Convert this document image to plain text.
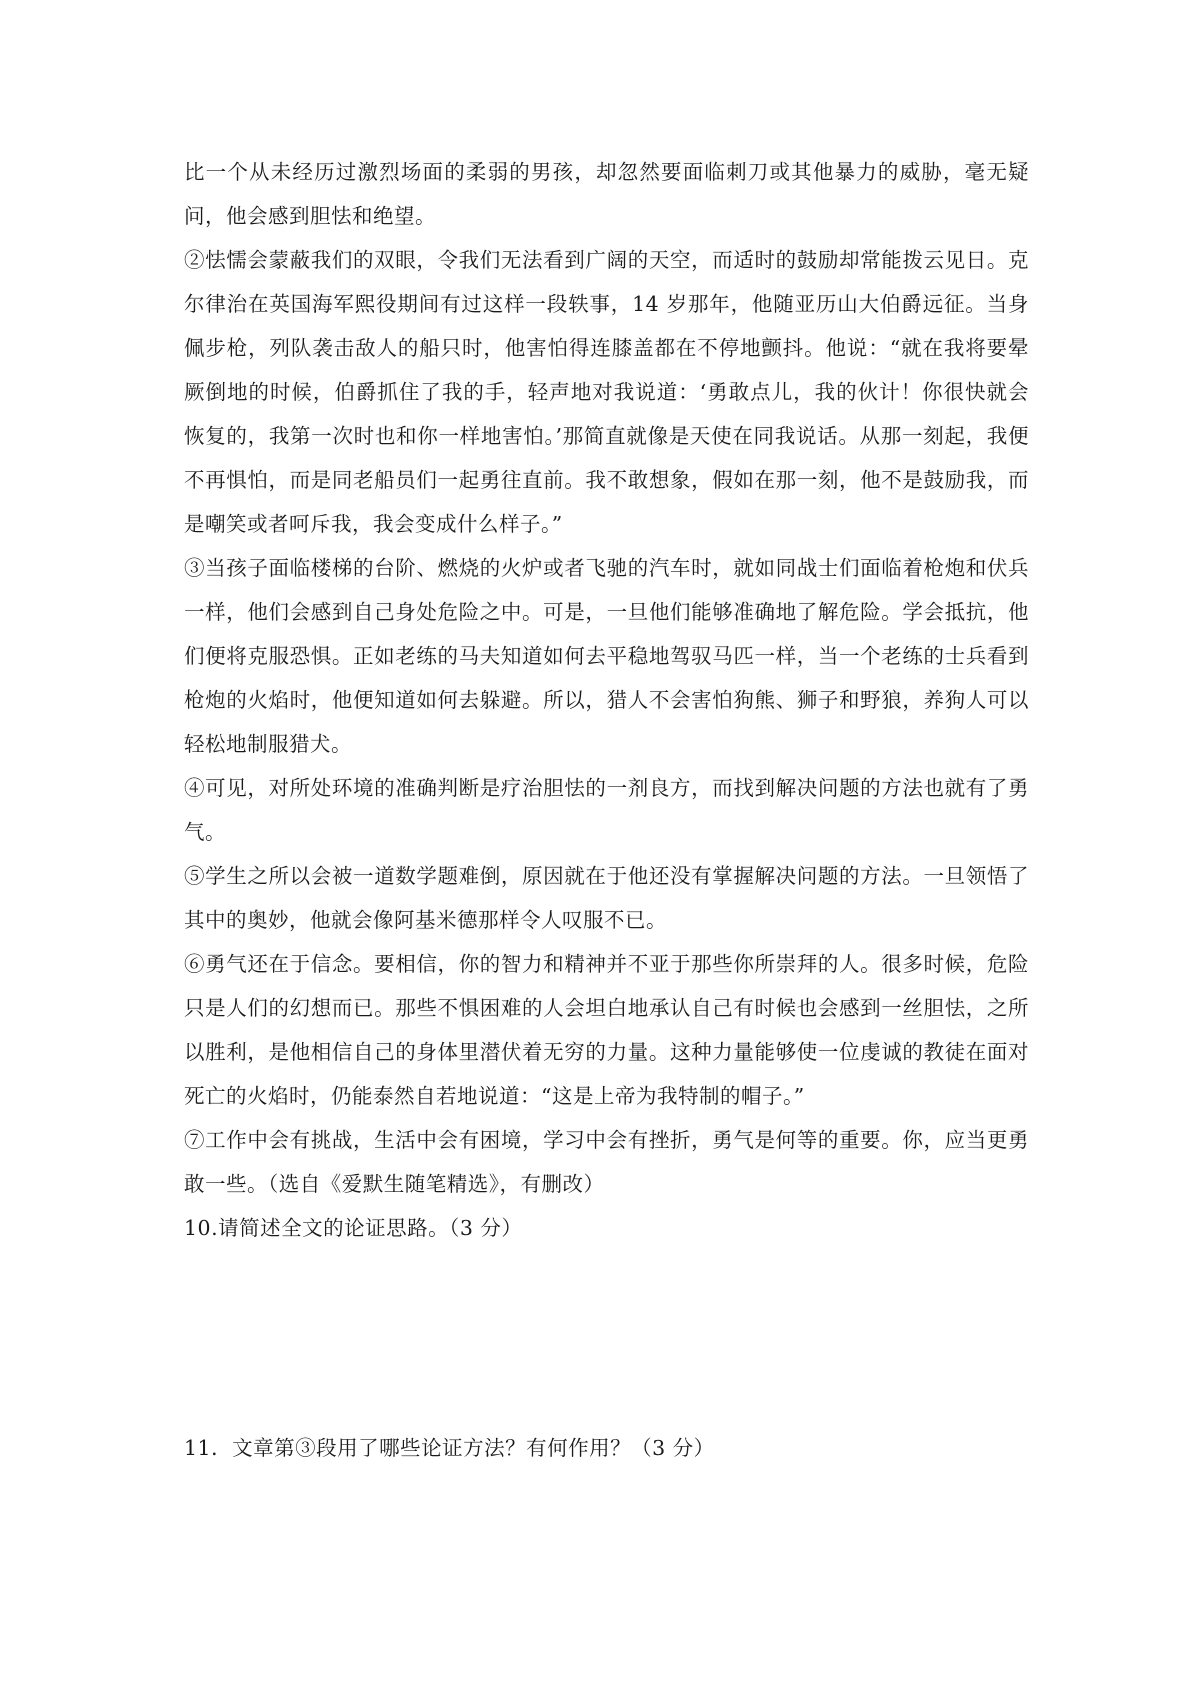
比一个从未经历过激烈场面的柔弱的男孩，却忽然要面临刺刀或其他暴力的威胁，毫无疑问，他会感到胆怯和绝望。

②怯懦会蒙蔽我们的双眼，令我们无法看到广阔的天空，而适时的鼓励却常能拨云见日。克尔律治在英国海军熙役期间有过这样一段轶事，14 岁那年，他随亚历山大伯爵远征。当身佩步枪，列队袭击敌人的船只时，他害怕得连膝盖都在不停地颤抖。他说：“就在我将要晕厥倒地的时候，伯爵抓住了我的手，轻声地对我说道：‘勇敢点儿，我的伙计！你很快就会恢复的，我第一次时也和你一样地害怕。’那简直就像是天使在同我说话。从那一刻起，我便不再惧怕，而是同老船员们一起勇往直前。我不敢想象，假如在那一刻，他不是鼓励我，而是嘲笑或者呵斥我，我会变成什么样子。”

③当孩子面临楼梯的台阶、燃烧的火炉或者飞驰的汽车时，就如同战士们面临着枪炮和伏兵一样，他们会感到自己身处危险之中。可是，一旦他们能够准确地了解危险。学会抵抗，他们便将克服恐惧。正如老练的马夫知道如何去平稳地驾驭马匹一样，当一个老练的士兵看到枪炮的火焰时，他便知道如何去躲避。所以，猎人不会害怕狗熊、狮子和野狼，养狗人可以轻松地制服猎犬。

④可见，对所处环境的准确判断是疗治胆怯的一剂良方，而找到解决问题的方法也就有了勇气。

⑤学生之所以会被一道数学题难倒，原因就在于他还没有掌握解决问题的方法。一旦领悟了其中的奥妙，他就会像阿基米德那样令人叹服不已。

⑥勇气还在于信念。要相信，你的智力和精神并不亚于那些你所崇拜的人。很多时候，危险只是人们的幻想而已。那些不惧困难的人会坦白地承认自己有时候也会感到一丝胆怯，之所以胜利，是他相信自己的身体里潜伏着无穷的力量。这种力量能够使一位虔诚的教徒在面对死亡的火焰时，仍能泰然自若地说道：“这是上帝为我特制的帽子。”

⑦工作中会有挑战，生活中会有困境，学习中会有挫折，勇气是何等的重要。你，应当更勇敢一些。（选自《爱默生随笔精选》，有删改）

10.请简述全文的论证思路。（3 分）

11．文章第③段用了哪些论证方法？有何作用？（3 分）
